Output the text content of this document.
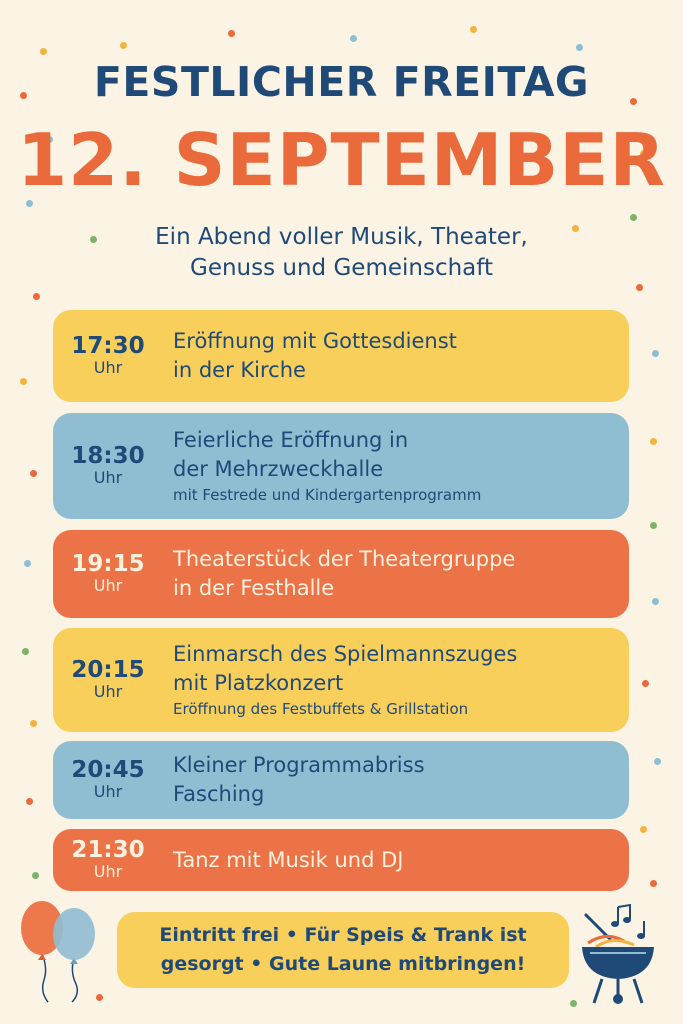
FESTLICHER FREITAG
12. SEPTEMBER
Ein Abend voller Musik, Theater,
Genuss und Gemeinschaft
17:30
Uhr
Eröffnung mit Gottesdienst
in der Kirche
18:30
Uhr
Feierliche Eröffnung in
der Mehrzweckhalle
mit Festrede und Kindergartenprogramm
19:15
Uhr
Theaterstück der Theatergruppe
in der Festhalle
20:15
Uhr
Einmarsch des Spielmannszuges
mit Platzkonzert
Eröffnung des Festbuffets & Grillstation
20:45
Uhr
Kleiner Programmabriss
Fasching
21:30
Uhr	Tanz mit Musik und DJ
Eintritt frei • Für Speis & Trank ist
gesorgt • Gute Laune mitbringen!
